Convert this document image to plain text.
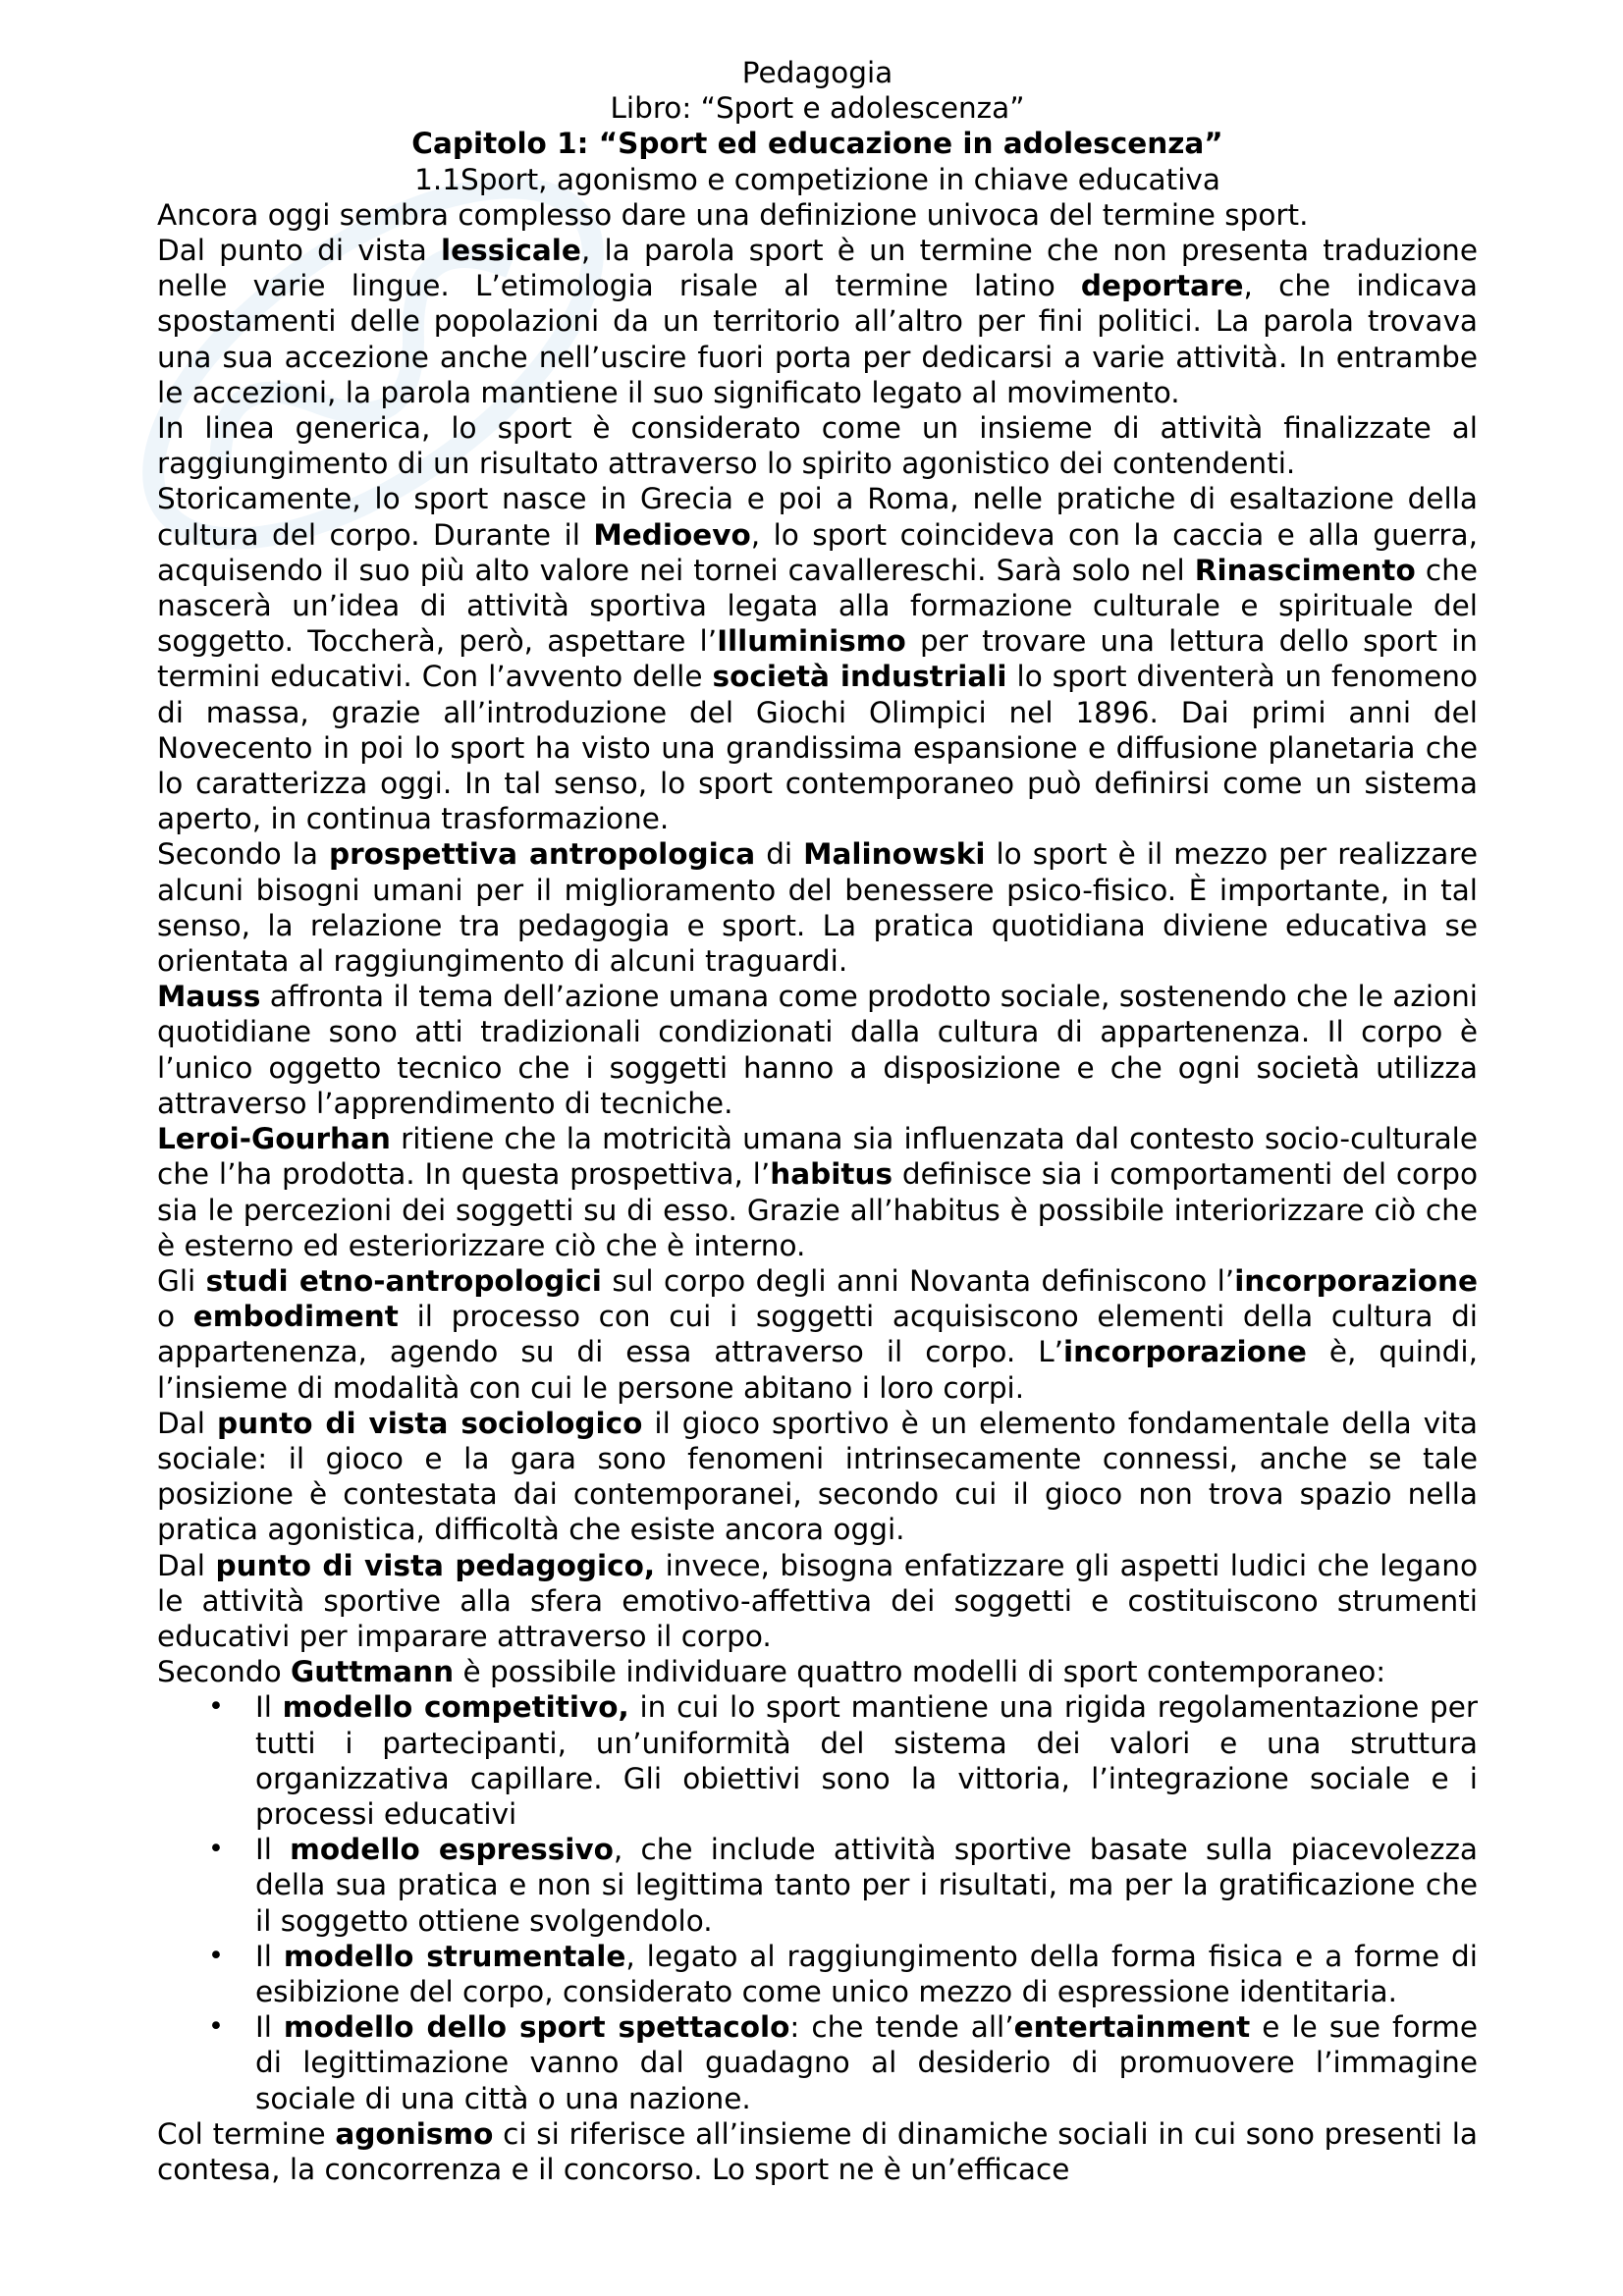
Pedagogia
Libro: “Sport e adolescenza”
Capitolo 1: “Sport ed educazione in adolescenza”
1.1Sport, agonismo e competizione in chiave educativa

Ancora oggi sembra complesso dare una definizione univoca del termine sport.

Dal punto di vista lessicale, la parola sport è un termine che non presenta traduzione nelle varie lingue. L’etimologia risale al termine latino deportare, che indicava spostamenti delle popolazioni da un territorio all’altro per fini politici. La parola trovava una sua accezione anche nell’uscire fuori porta per dedicarsi a varie attività. In entrambe le accezioni, la parola mantiene il suo significato legato al movimento.

In linea generica, lo sport è considerato come un insieme di attività finalizzate al raggiungimento di un risultato attraverso lo spirito agonistico dei contendenti.

Storicamente, lo sport nasce in Grecia e poi a Roma, nelle pratiche di esaltazione della cultura del corpo. Durante il Medioevo, lo sport coincideva con la caccia e alla guerra, acquisendo il suo più alto valore nei tornei cavallereschi. Sarà solo nel Rinascimento che nascerà un’idea di attività sportiva legata alla formazione culturale e spirituale del soggetto. Toccherà, però, aspettare l’Illuminismo per trovare una lettura dello sport in termini educativi. Con l’avvento delle società industriali lo sport diventerà un fenomeno di massa, grazie all’introduzione del Giochi Olimpici nel 1896. Dai primi anni del Novecento in poi lo sport ha visto una grandissima espansione e diffusione planetaria che lo caratterizza oggi. In tal senso, lo sport contemporaneo può definirsi come un sistema aperto, in continua trasformazione.

Secondo la prospettiva antropologica di Malinowski lo sport è il mezzo per realizzare alcuni bisogni umani per il miglioramento del benessere psico-fisico. È importante, in tal senso, la relazione tra pedagogia e sport. La pratica quotidiana diviene educativa se orientata al raggiungimento di alcuni traguardi.

Mauss affronta il tema dell’azione umana come prodotto sociale, sostenendo che le azioni quotidiane sono atti tradizionali condizionati dalla cultura di appartenenza. Il corpo è l’unico oggetto tecnico che i soggetti hanno a disposizione e che ogni società utilizza attraverso l’apprendimento di tecniche.

Leroi-Gourhan ritiene che la motricità umana sia influenzata dal contesto socio-culturale che l’ha prodotta. In questa prospettiva, l’habitus definisce sia i comportamenti del corpo sia le percezioni dei soggetti su di esso. Grazie all’habitus è possibile interiorizzare ciò che è esterno ed esteriorizzare ciò che è interno.

Gli studi etno-antropologici sul corpo degli anni Novanta definiscono l’incorporazione o embodiment il processo con cui i soggetti acquisiscono elementi della cultura di appartenenza, agendo su di essa attraverso il corpo. L’incorporazione è, quindi, l’insieme di modalità con cui le persone abitano i loro corpi.

Dal punto di vista sociologico il gioco sportivo è un elemento fondamentale della vita sociale: il gioco e la gara sono fenomeni intrinsecamente connessi, anche se tale posizione è contestata dai contemporanei, secondo cui il gioco non trova spazio nella pratica agonistica, difficoltà che esiste ancora oggi.

Dal punto di vista pedagogico, invece, bisogna enfatizzare gli aspetti ludici che legano le attività sportive alla sfera emotivo-affettiva dei soggetti e costituiscono strumenti educativi per imparare attraverso il corpo.

Secondo Guttmann è possibile individuare quattro modelli di sport contemporaneo:

• Il modello competitivo, in cui lo sport mantiene una rigida regolamentazione per tutti i partecipanti, un’uniformità del sistema dei valori e una struttura organizzativa capillare. Gli obiettivi sono la vittoria, l’integrazione sociale e i processi educativi
• Il modello espressivo, che include attività sportive basate sulla piacevolezza della sua pratica e non si legittima tanto per i risultati, ma per la gratificazione che il soggetto ottiene svolgendolo.
• Il modello strumentale, legato al raggiungimento della forma fisica e a forme di esibizione del corpo, considerato come unico mezzo di espressione identitaria.
• Il modello dello sport spettacolo: che tende all’entertainment e le sue forme di legittimazione vanno dal guadagno al desiderio di promuovere l’immagine sociale di una città o una nazione.

Col termine agonismo ci si riferisce all’insieme di dinamiche sociali in cui sono presenti la contesa, la concorrenza e il concorso. Lo sport ne è un’efficace
